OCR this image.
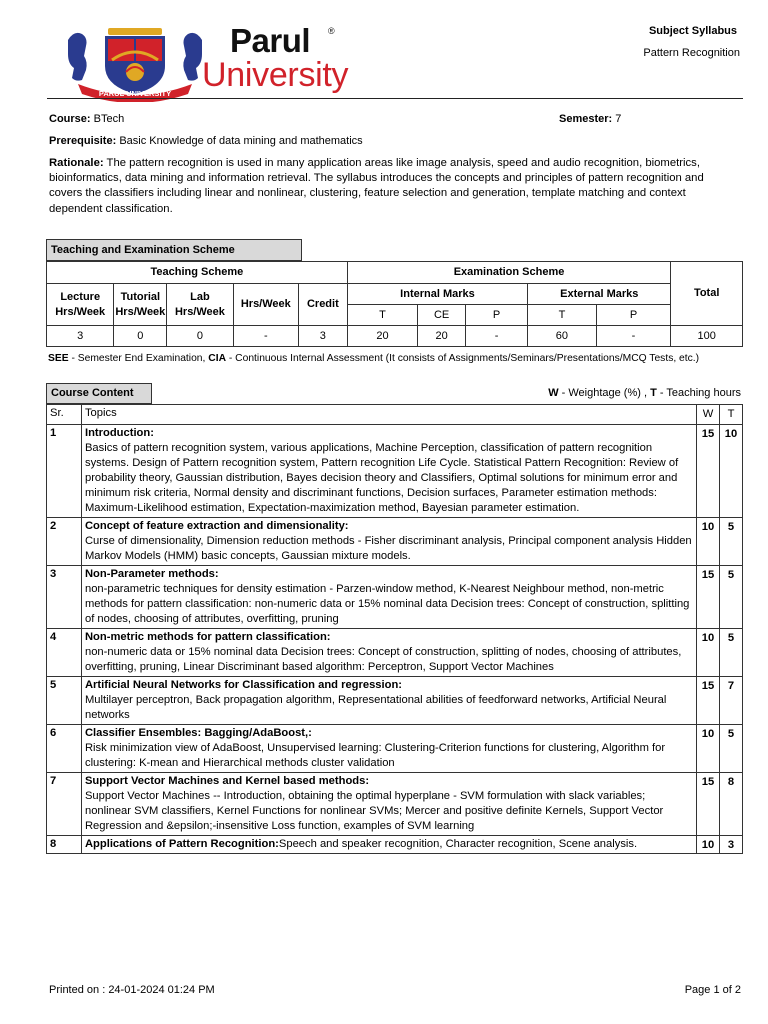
PARUL UNIVERSITY
Parul ®
University
Subject Syllabus
Pattern Recognition
Course: BTech	Semester: 7
Prerequisite: Basic Knowledge of data mining and mathematics
Rationale: The pattern recognition is used in many application areas like image analysis, speed and audio recognition, biometrics, bioinformatics, data mining and information retrieval. The syllabus introduces the concepts and principles of pattern recognition and covers the classifiers including linear and nonlinear, clustering, feature selection and generation, template matching and context dependent classification.
Teaching and Examination Scheme
Teaching Scheme					Examination Scheme					Total
Lecture Hrs/Week	Tutorial Hrs/Week	Lab Hrs/Week	Hrs/Week	Credit	Internal Marks			External Marks		
					T	CE	P	T	P	
3	0	0	-	3	20	20	-	60	-	100
SEE - Semester End Examination, CIA - Continuous Internal Assessment (It consists of Assignments/Seminars/Presentations/MCQ Tests, etc.)
Course Content	W - Weightage (%) , T - Teaching hours
Sr.	Topics	W	T
1	Introduction:
Basics of pattern recognition system, various applications, Machine Perception, classification of pattern recognition systems. Design of Pattern recognition system, Pattern recognition Life Cycle. Statistical Pattern Recognition: Review of probability theory, Gaussian distribution, Bayes decision theory and Classifiers, Optimal solutions for minimum error and minimum risk criteria, Normal density and discriminant functions, Decision surfaces, Parameter estimation methods: Maximum-Likelihood estimation, Expectation-maximization method, Bayesian parameter estimation.	15	10
2	Concept of feature extraction and dimensionality:
Curse of dimensionality, Dimension reduction methods - Fisher discriminant analysis, Principal component analysis Hidden Markov Models (HMM) basic concepts, Gaussian mixture models.	10	5
3	Non-Parameter methods:
non-parametric techniques for density estimation - Parzen-window method, K-Nearest Neighbour method, non-metric methods for pattern classification: non-numeric data or 15% nominal data Decision trees: Concept of construction, splitting of nodes, choosing of attributes, overfitting, pruning	15	5
4	Non-metric methods for pattern classification:
non-numeric data or 15% nominal data Decision trees: Concept of construction, splitting of nodes, choosing of attributes, overfitting, pruning, Linear Discriminant based algorithm: Perceptron, Support Vector Machines	10	5
5	Artificial Neural Networks for Classification and regression:
Multilayer perceptron, Back propagation algorithm, Representational abilities of feedforward networks, Artificial Neural networks	15	7
6	Classifier Ensembles: Bagging/AdaBoost,:
Risk minimization view of AdaBoost, Unsupervised learning: Clustering-Criterion functions for clustering, Algorithm for clustering: K-mean and Hierarchical methods cluster validation	10	5
7	Support Vector Machines and Kernel based methods:
Support Vector Machines -- Introduction, obtaining the optimal hyperplane - SVM formulation with slack variables; nonlinear SVM classifiers, Kernel Functions for nonlinear SVMs; Mercer and positive definite Kernels, Support Vector Regression and &epsilon;-insensitive Loss function, examples of SVM learning	15	8
8	Applications of Pattern Recognition:Speech and speaker recognition, Character recognition, Scene analysis.	10	3
Printed on : 24-01-2024 01:24 PM	Page 1 of 2
